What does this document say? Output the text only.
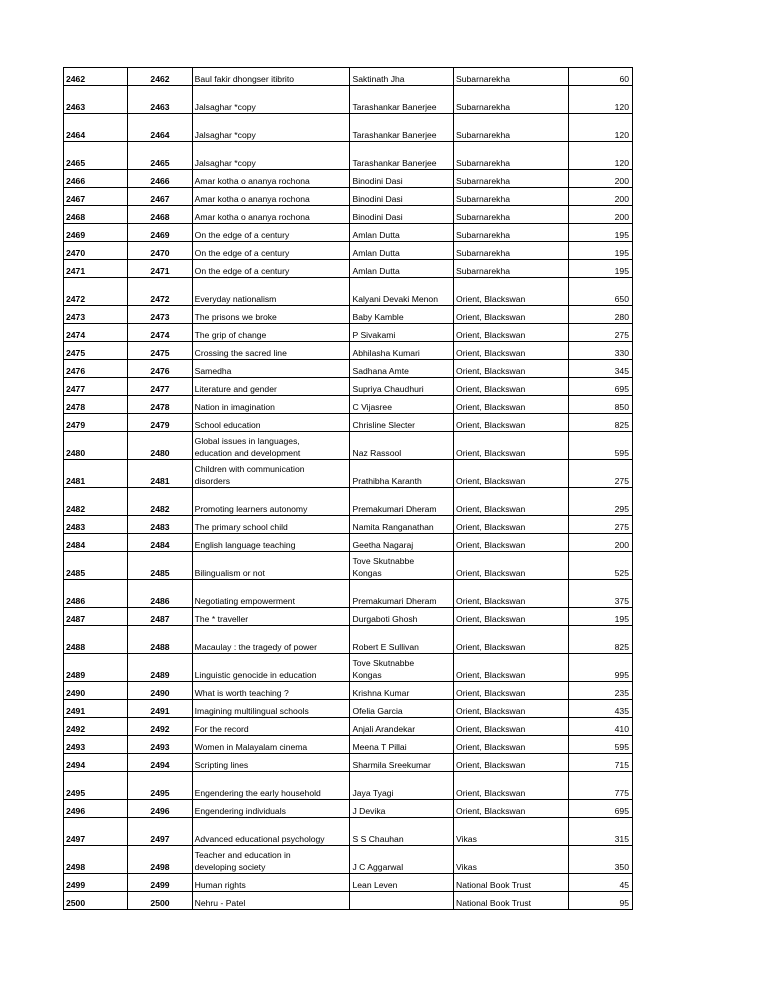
2462	2462	Baul fakir dhongser itibrito	Saktinath Jha	Subarnarekha	60
2463	2463	Jalsaghar *copy	Tarashankar Banerjee	Subarnarekha	120
2464	2464	Jalsaghar *copy	Tarashankar Banerjee	Subarnarekha	120
2465	2465	Jalsaghar *copy	Tarashankar Banerjee	Subarnarekha	120
2466	2466	Amar kotha o ananya rochona	Binodini Dasi	Subarnarekha	200
2467	2467	Amar kotha o ananya rochona	Binodini Dasi	Subarnarekha	200
2468	2468	Amar kotha o ananya rochona	Binodini Dasi	Subarnarekha	200
2469	2469	On the edge of a century	Amlan Dutta	Subarnarekha	195
2470	2470	On the edge of a century	Amlan Dutta	Subarnarekha	195
2471	2471	On the edge of a century	Amlan Dutta	Subarnarekha	195
2472	2472	Everyday nationalism	Kalyani Devaki Menon	Orient, Blackswan	650
2473	2473	The prisons we broke	Baby Kamble	Orient, Blackswan	280
2474	2474	The grip of change	P Sivakami	Orient, Blackswan	275
2475	2475	Crossing the sacred line	Abhilasha Kumari	Orient, Blackswan	330
2476	2476	Samedha	Sadhana Amte	Orient, Blackswan	345
2477	2477	Literature and gender	Supriya Chaudhuri	Orient, Blackswan	695
2478	2478	Nation in imagination	C Vijasree	Orient, Blackswan	850
2479	2479	School education	Chrisline Slecter	Orient, Blackswan	825
2480	2480	Global issues in languages,
education and development	Naz Rassool	Orient, Blackswan	595
2481	2481	Children with communication
disorders	Prathibha Karanth	Orient, Blackswan	275
2482	2482	Promoting learners autonomy	Premakumari Dheram	Orient, Blackswan	295
2483	2483	The primary school child	Namita Ranganathan	Orient, Blackswan	275
2484	2484	English language teaching	Geetha Nagaraj	Orient, Blackswan	200
2485	2485	Bilingualism or not	Tove Skutnabbe
Kongas	Orient, Blackswan	525
2486	2486	Negotiating empowerment	Premakumari Dheram	Orient, Blackswan	375
2487	2487	The * traveller	Durgaboti Ghosh	Orient, Blackswan	195
2488	2488	Macaulay : the tragedy of power	Robert E Sullivan	Orient, Blackswan	825
2489	2489	Linguistic genocide in education	Tove Skutnabbe
Kongas	Orient, Blackswan	995
2490	2490	What is worth teaching ?	Krishna Kumar	Orient, Blackswan	235
2491	2491	Imagining multilingual schools	Ofelia Garcia	Orient, Blackswan	435
2492	2492	For the record	Anjali Arandekar	Orient, Blackswan	410
2493	2493	Women in Malayalam cinema	Meena T Pillai	Orient, Blackswan	595
2494	2494	Scripting lines	Sharmila Sreekumar	Orient, Blackswan	715
2495	2495	Engendering the early household	Jaya Tyagi	Orient, Blackswan	775
2496	2496	Engendering individuals	J Devika	Orient, Blackswan	695
2497	2497	Advanced educational psychology	S S Chauhan	Vikas	315
2498	2498	Teacher and education in
developing society	J C Aggarwal	Vikas	350
2499	2499	Human rights	Lean Leven	National Book Trust	45
2500	2500	Nehru - Patel		National Book Trust	95
